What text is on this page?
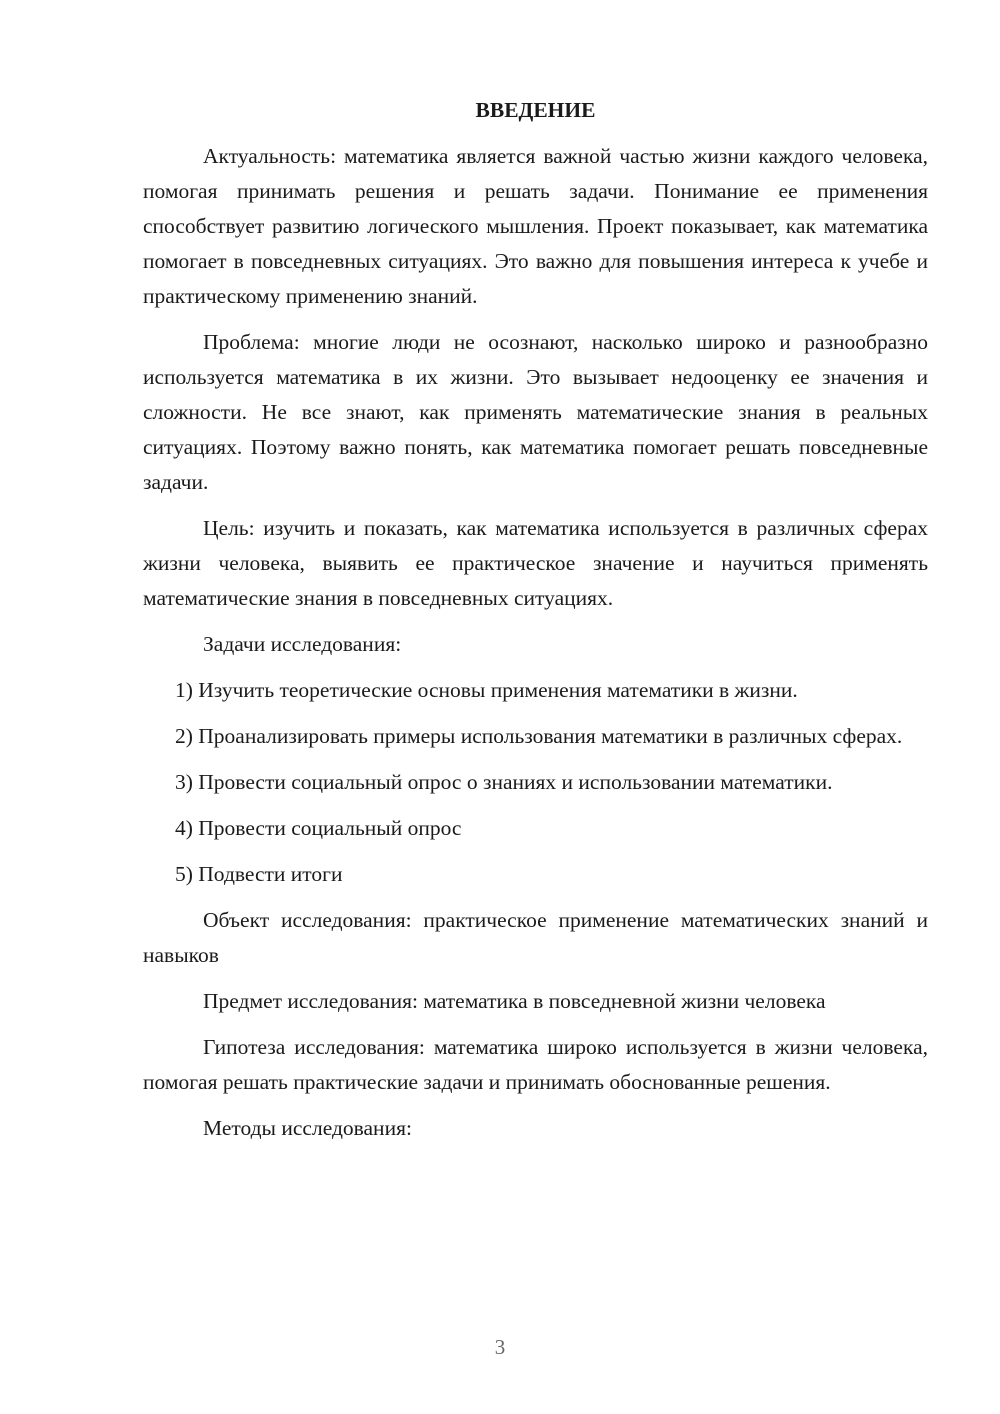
ВВЕДЕНИЕ

Актуальность: математика является важной частью жизни каждого человека, помогая принимать решения и решать задачи. Понимание ее применения способствует развитию логического мышления. Проект показывает, как математика помогает в повседневных ситуациях. Это важно для повышения интереса к учебе и практическому применению знаний.

Проблема: многие люди не осознают, насколько широко и разнообразно используется математика в их жизни. Это вызывает недооценку ее значения и сложности. Не все знают, как применять математические знания в реальных ситуациях. Поэтому важно понять, как математика помогает решать повседневные задачи.

Цель: изучить и показать, как математика используется в различных сферах жизни человека, выявить ее практическое значение и научиться применять математические знания в повседневных ситуациях.

Задачи исследования:

1) Изучить теоретические основы применения математики в жизни.

2) Проанализировать примеры использования математики в различных сферах.

3) Провести социальный опрос о знаниях и использовании математики.

4) Провести социальный опрос

5) Подвести итоги

Объект исследования: практическое применение математических знаний и навыков

Предмет исследования: математика в повседневной жизни человека

Гипотеза исследования: математика широко используется в жизни человека, помогая решать практические задачи и принимать обоснованные решения.

Методы исследования:

3
